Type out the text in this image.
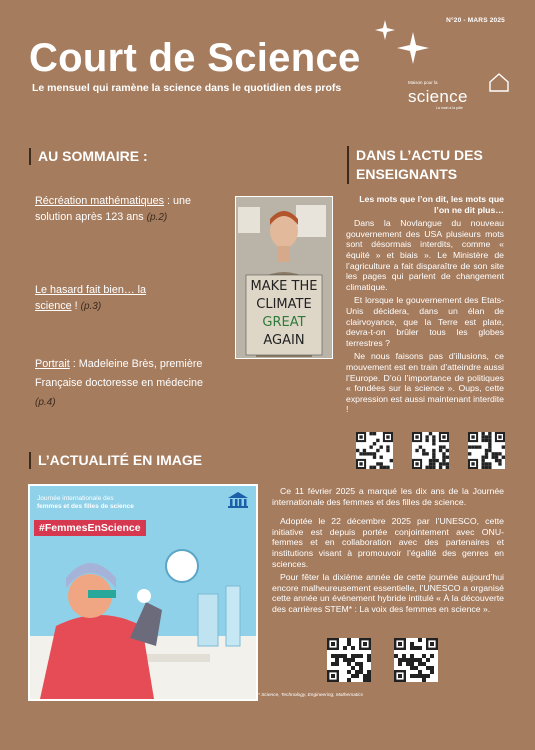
N°20 - MARS 2025
Court de Science
Le mensuel qui ramène la science dans le quotidien des profs	Maison pour la
science
La main à la pâte
AU SOMMAIRE :
Récréation mathématiques : une solution après 123 ans (p.2)
Le hasard fait bien… la science ! (p.3)
Portrait : Madeleine Brès, première Française doctoresse en médecine (p.4)
DANS L’ACTU DES ENSEIGNANTS
MAKE THE
CLIMATE
GREAT
AGAIN

Les mots que l’on dit, les mots que l’on ne dit plus…

Dans la Novlangue du nouveau gouvernement des USA plusieurs mots sont désormais interdits, comme « équité » et biais ». Le Ministère de l’agriculture a fait disparaître de son site les pages qui parlent de changement climatique.

Et lorsque le gouvernement des Etats-Unis décidera, dans un élan de clairvoyance, que la Terre est plate, devra-t-on brûler tous les globes terrestres ?

Ne nous faisons pas d’illusions, ce mouvement est en train d’atteindre aussi l’Europe. D’où l’importance de politiques « fondées sur la science ». Oups, cette expression est aussi maintenant interdite !

L’ACTUALITÉ EN IMAGE
Journée internationale des
femmes et des filles de science
#FemmesEnScience

Ce 11 février 2025 a marqué les dix ans de la Journée internationale des femmes et des filles de science.

Adoptée le 22 décembre 2025 par l’UNESCO, cette initiative est depuis portée conjointement avec ONU-femmes et en collaboration avec des partenaires et institutions visant à promouvoir l’égalité des genres en sciences.

Pour fêter la dixième année de cette journée aujourd’hui encore malheureusement essentielle, l’UNESCO a organisé cette année un événement hybride intitulé « À la découverte des carrières STEM* : La voix des femmes en science ».

* Science, Technology, Engineering, Mathematics
